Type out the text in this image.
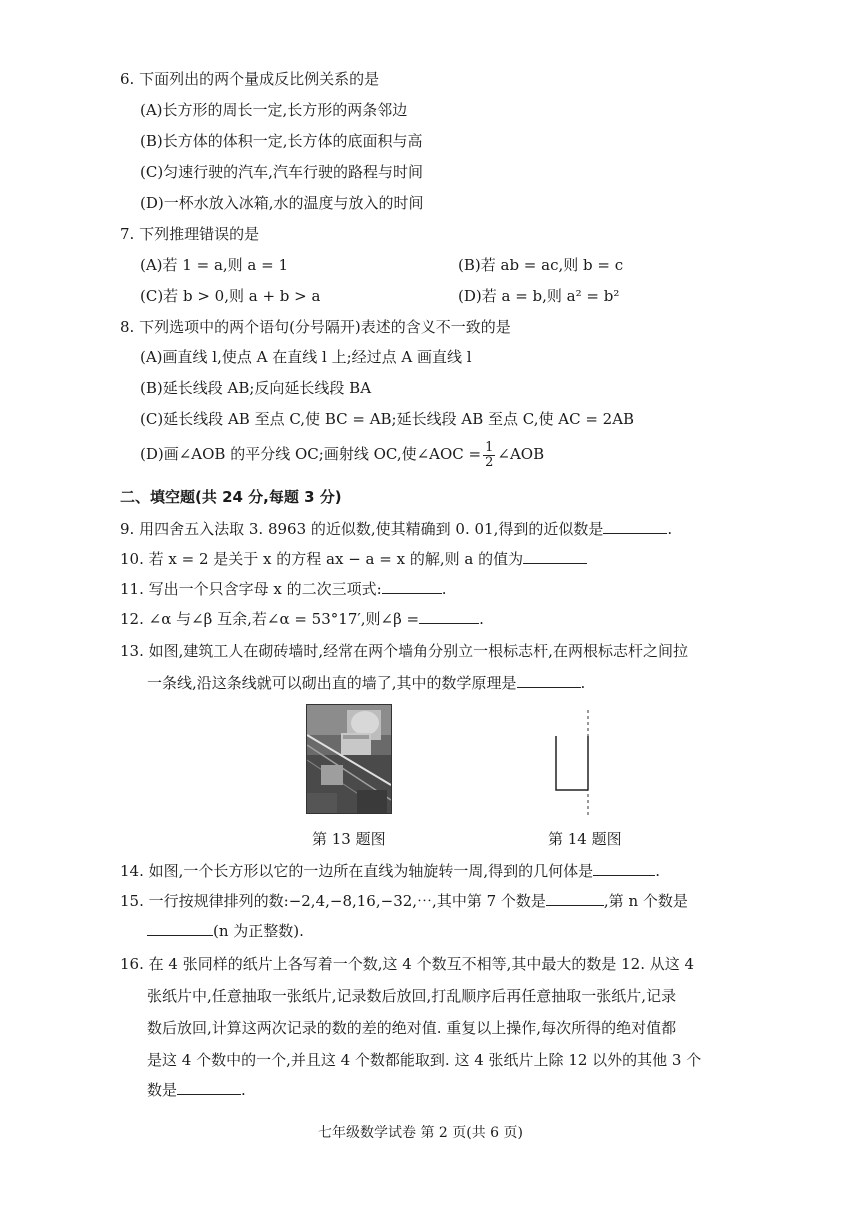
6. 下面列出的两个量成反比例关系的是
(A)长方形的周长一定,长方形的两条邻边
(B)长方体的体积一定,长方体的底面积与高
(C)匀速行驶的汽车,汽车行驶的路程与时间
(D)一杯水放入冰箱,水的温度与放入的时间
7. 下列推理错误的是
(A)若 1 = a,则 a = 1	(B)若 ab = ac,则 b = c
(C)若 b > 0,则 a + b > a	(D)若 a = b,则 a² = b²
8. 下列选项中的两个语句(分号隔开)表述的含义不一致的是
(A)画直线 l,使点 A 在直线 l 上;经过点 A 画直线 l
(B)延长线段 AB;反向延长线段 BA
(C)延长线段 AB 至点 C,使 BC = AB;延长线段 AB 至点 C,使 AC = 2AB
(D)画∠AOB 的平分线 OC;画射线 OC,使∠AOC = $\frac{1}{2}$ ∠AOB
二、填空题(共 24 分,每题 3 分)
9. 用四舍五入法取 3. 8963 的近似数,使其精确到 0. 01,得到的近似数是	.
10. 若 x = 2 是关于 x 的方程 ax − a = x 的解,则 a 的值为
11. 写出一个只含字母 x 的二次三项式:	.
12. ∠α 与∠β 互余,若∠α = 53°17′,则∠β =	.
13. 如图,建筑工人在砌砖墙时,经常在两个墙角分别立一根标志杆,在两根标志杆之间拉
一条线,沿这条线就可以砌出直的墙了,其中的数学原理是	.
第 13 题图	第 14 题图
14. 如图,一个长方形以它的一边所在直线为轴旋转一周,得到的几何体是	.
15. 一行按规律排列的数:−2,4,−8,16,−32,⋯,其中第 7 个数是	,第 n 个数是
(n 为正整数).
16. 在 4 张同样的纸片上各写着一个数,这 4 个数互不相等,其中最大的数是 12. 从这 4
张纸片中,任意抽取一张纸片,记录数后放回,打乱顺序后再任意抽取一张纸片,记录
数后放回,计算这两次记录的数的差的绝对值. 重复以上操作,每次所得的绝对值都
是这 4 个数中的一个,并且这 4 个数都能取到. 这 4 张纸片上除 12 以外的其他 3 个
数是	.
七年级数学试卷 第 2 页(共 6 页)
